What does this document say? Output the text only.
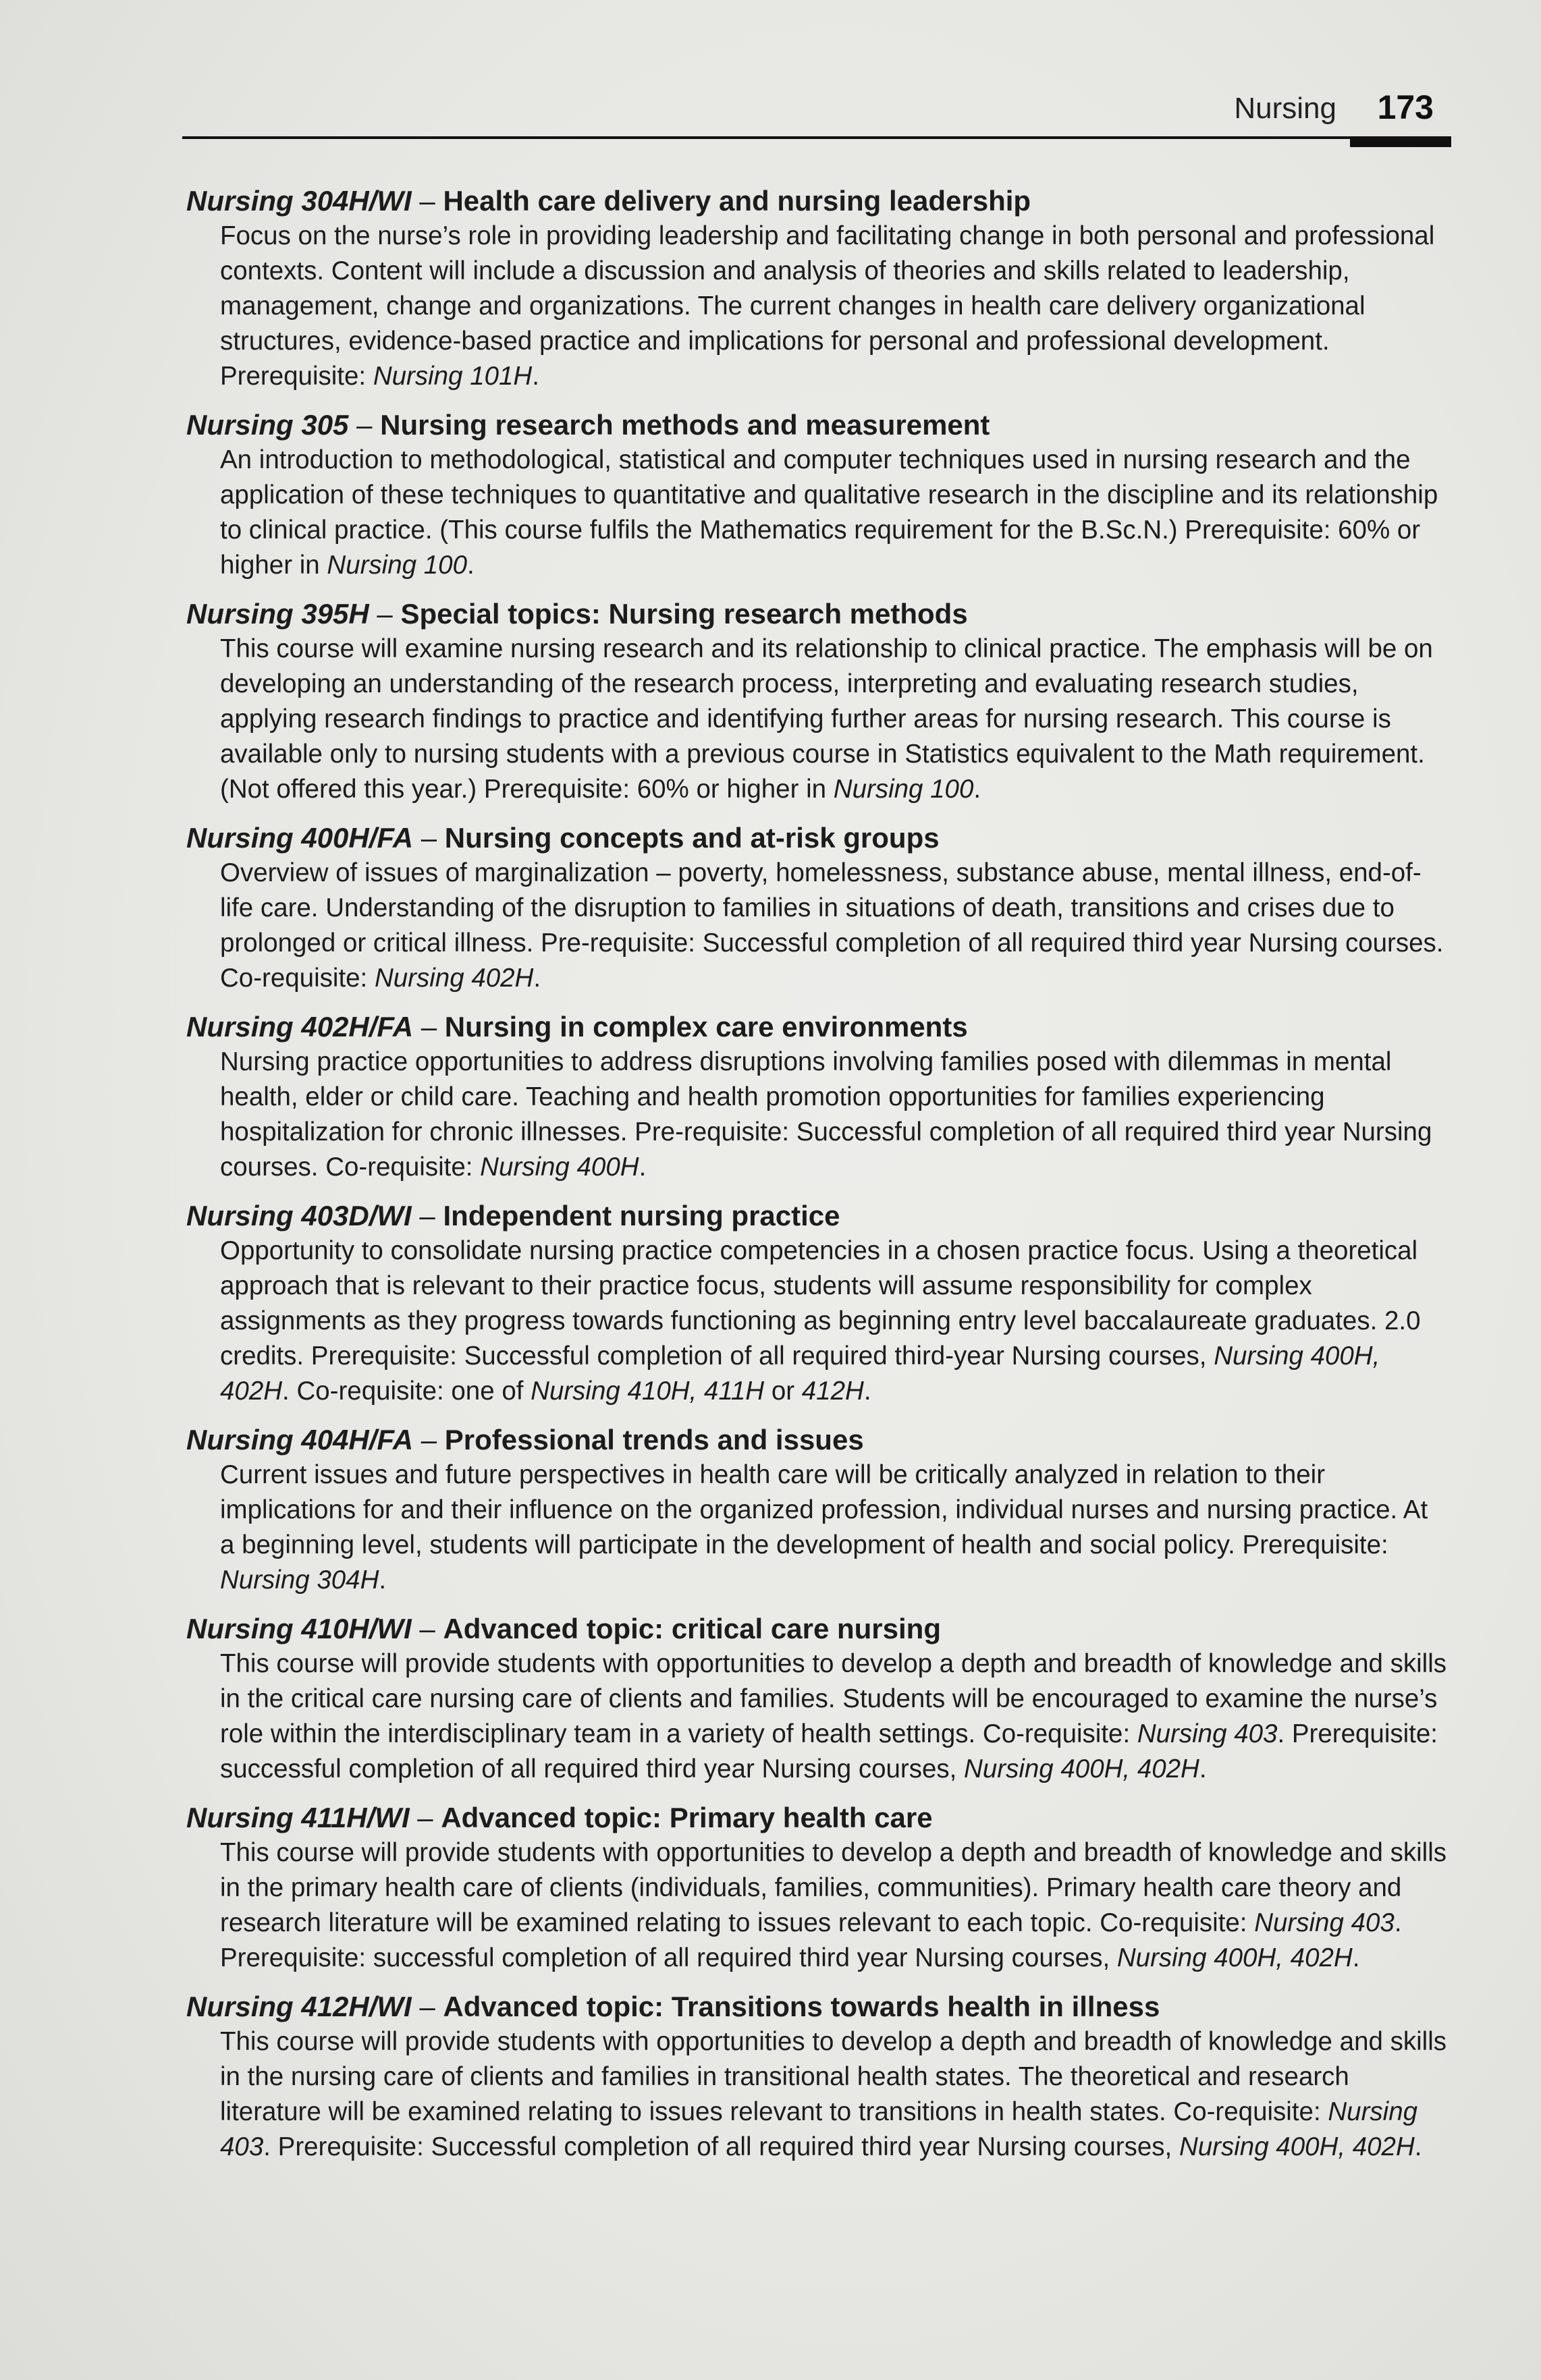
Nursing 173
Nursing 304H/WI – Health care delivery and nursing leadership
Focus on the nurse’s role in providing leadership and facilitating change in both personal and professional contexts. Content will include a discussion and analysis of theories and skills related to leadership, management, change and organizations. The current changes in health care delivery organizational structures, evidence-based practice and implications for personal and professional development. Prerequisite: Nursing 101H.
Nursing 305 – Nursing research methods and measurement
An introduction to methodological, statistical and computer techniques used in nursing research and the application of these techniques to quantitative and qualitative research in the discipline and its relationship to clinical practice. (This course fulfils the Mathematics requirement for the B.Sc.N.) Prerequisite: 60% or higher in Nursing 100.
Nursing 395H – Special topics: Nursing research methods
This course will examine nursing research and its relationship to clinical practice. The emphasis will be on developing an understanding of the research process, interpreting and evaluating research studies, applying research findings to practice and identifying further areas for nursing research. This course is available only to nursing students with a previous course in Statistics equivalent to the Math requirement. (Not offered this year.) Prerequisite: 60% or higher in Nursing 100.
Nursing 400H/FA – Nursing concepts and at-risk groups
Overview of issues of marginalization – poverty, homelessness, substance abuse, mental illness, end-of-life care. Understanding of the disruption to families in situations of death, transitions and crises due to prolonged or critical illness. Pre-requisite: Successful completion of all required third year Nursing courses. Co-requisite: Nursing 402H.
Nursing 402H/FA – Nursing in complex care environments
Nursing practice opportunities to address disruptions involving families posed with dilemmas in mental health, elder or child care. Teaching and health promotion opportunities for families experiencing hospitalization for chronic illnesses. Pre-requisite: Successful completion of all required third year Nursing courses. Co-requisite: Nursing 400H.
Nursing 403D/WI – Independent nursing practice
Opportunity to consolidate nursing practice competencies in a chosen practice focus. Using a theoretical approach that is relevant to their practice focus, students will assume responsibility for complex assignments as they progress towards functioning as beginning entry level baccalaureate graduates. 2.0 credits. Prerequisite: Successful completion of all required third-year Nursing courses, Nursing 400H, 402H. Co-requisite: one of Nursing 410H, 411H or 412H.
Nursing 404H/FA – Professional trends and issues
Current issues and future perspectives in health care will be critically analyzed in relation to their implications for and their influence on the organized profession, individual nurses and nursing practice. At a beginning level, students will participate in the development of health and social policy. Prerequisite: Nursing 304H.
Nursing 410H/WI – Advanced topic: critical care nursing
This course will provide students with opportunities to develop a depth and breadth of knowledge and skills in the critical care nursing care of clients and families. Students will be encouraged to examine the nurse’s role within the interdisciplinary team in a variety of health settings. Co-requisite: Nursing 403. Prerequisite: successful completion of all required third year Nursing courses, Nursing 400H, 402H.
Nursing 411H/WI – Advanced topic: Primary health care
This course will provide students with opportunities to develop a depth and breadth of knowledge and skills in the primary health care of clients (individuals, families, communities). Primary health care theory and research literature will be examined relating to issues relevant to each topic. Co-requisite: Nursing 403. Prerequisite: successful completion of all required third year Nursing courses, Nursing 400H, 402H.
Nursing 412H/WI – Advanced topic: Transitions towards health in illness
This course will provide students with opportunities to develop a depth and breadth of knowledge and skills in the nursing care of clients and families in transitional health states. The theoretical and research literature will be examined relating to issues relevant to transitions in health states. Co-requisite: Nursing 403. Prerequisite: Successful completion of all required third year Nursing courses, Nursing 400H, 402H.
